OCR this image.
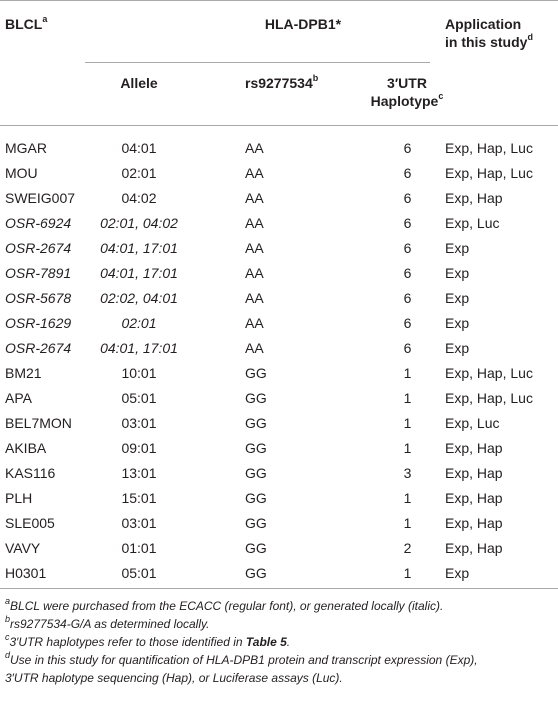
BLCL$^a$	HLA-DPB1*	Application
in this study$^d$
Allele	rs9277534$^b$	3′UTR
Haplotype$^c$
MGAR	04:01	AA	6	Exp, Hap, Luc
MOU	02:01	AA	6	Exp, Hap, Luc
SWEIG007	04:02	AA	6	Exp, Hap
OSR-6924	02:01, 04:02	AA	6	Exp, Luc
OSR-2674	04:01, 17:01	AA	6	Exp
OSR-7891	04:01, 17:01	AA	6	Exp
OSR-5678	02:02, 04:01	AA	6	Exp
OSR-1629	02:01	AA	6	Exp
OSR-2674	04:01, 17:01	AA	6	Exp
BM21	10:01	GG	1	Exp, Hap, Luc
APA	05:01	GG	1	Exp, Hap, Luc
BEL7MON	03:01	GG	1	Exp, Luc
AKIBA	09:01	GG	1	Exp, Hap
KAS116	13:01	GG	3	Exp, Hap
PLH	15:01	GG	1	Exp, Hap
SLE005	03:01	GG	1	Exp, Hap
VAVY	01:01	GG	2	Exp, Hap
H0301	05:01	GG	1	Exp
$^a$BLCL were purchased from the ECACC (regular font), or generated locally (italic).
$^b$rs9277534-G/A as determined locally.
$^c$3′UTR haplotypes refer to those identified in Table 5.
$^d$Use in this study for quantification of HLA-DPB1 protein and transcript expression (Exp),
3′UTR haplotype sequencing (Hap), or Luciferase assays (Luc).
